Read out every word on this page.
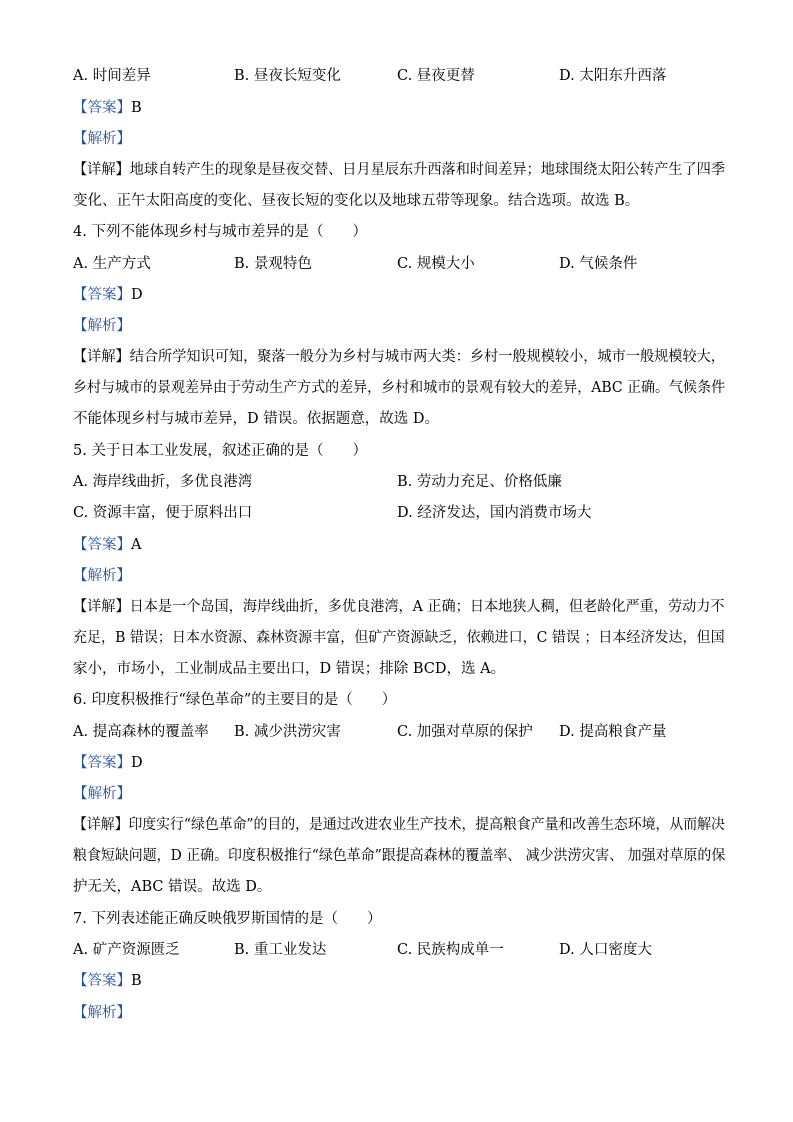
A. 时间差异	B. 昼夜长短变化	C. 昼夜更替	D. 太阳东升西落
【答案】B
【解析】
【详解】地球自转产生的现象是昼夜交替、日月星辰东升西落和时间差异；地球围绕太阳公转产生了四季
变化、正午太阳高度的变化、昼夜长短的变化以及地球五带等现象。结合选项。故选 B。
4. 下列不能体现乡村与城市差异的是（　　）
A. 生产方式	B. 景观特色	C. 规模大小	D. 气候条件
【答案】D
【解析】
【详解】结合所学知识可知，聚落一般分为乡村与城市两大类：乡村一般规模较小，城市一般规模较大，
乡村与城市的景观差异由于劳动生产方式的差异，乡村和城市的景观有较大的差异，ABC 正确。气候条件
不能体现乡村与城市差异，D 错误。依据题意，故选 D。
5. 关于日本工业发展，叙述正确的是（　　）
A. 海岸线曲折，多优良港湾	B. 劳动力充足、价格低廉
C. 资源丰富，便于原料出口	D. 经济发达，国内消费市场大
【答案】A
【解析】
【详解】日本是一个岛国，海岸线曲折，多优良港湾，A 正确；日本地狭人稠，但老龄化严重，劳动力不
充足，B 错误；日本水资源、森林资源丰富，但矿产资源缺乏，依赖进口，C 错误 ；日本经济发达，但国
家小，市场小，工业制成品主要出口，D 错误；排除 BCD，选 A。
6. 印度积极推行“绿色革命”的主要目的是（　　）
A. 提高森林的覆盖率 B. 减少洪涝灾害	C. 加强对草原的保护 D. 提高粮食产量
【答案】D
【解析】
【详解】印度实行“绿色革命”的目的，是通过改进农业生产技术，提高粮食产量和改善生态环境，从而解决
粮食短缺问题，D 正确。印度积极推行“绿色革命”跟提高森林的覆盖率、 减少洪涝灾害、 加强对草原的保
护无关，ABC 错误。故选 D。
7. 下列表述能正确反映俄罗斯国情的是（　　）
A. 矿产资源匮乏	B. 重工业发达	C. 民族构成单一	D. 人口密度大
【答案】B
【解析】
